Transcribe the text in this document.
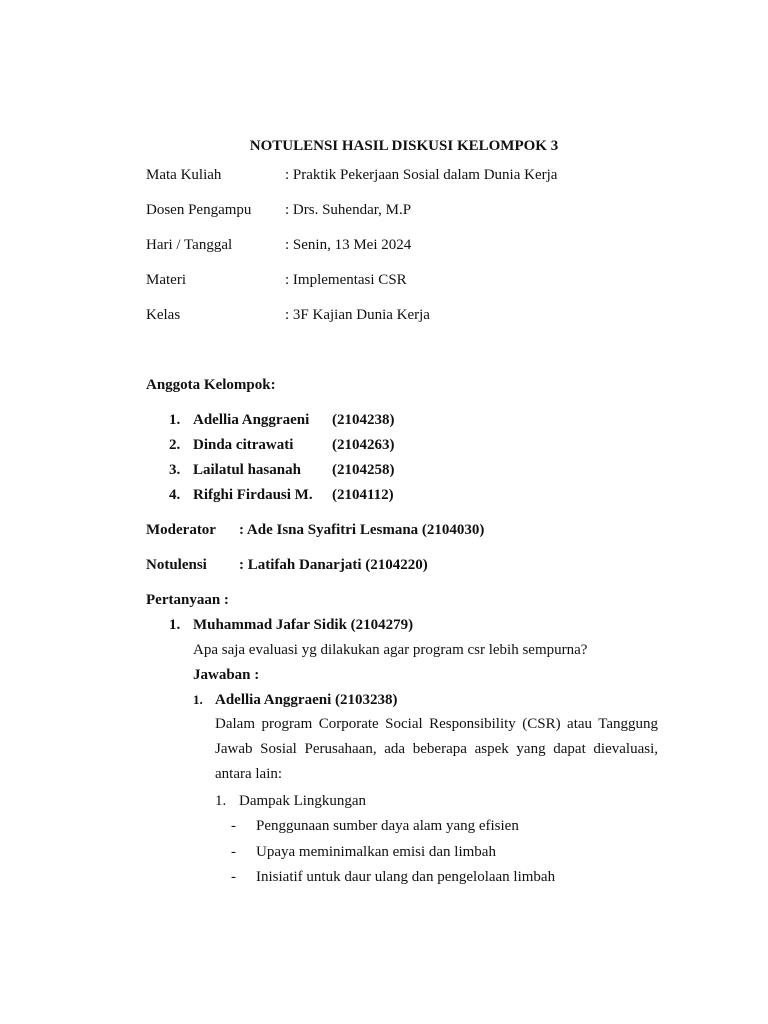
NOTULENSI HASIL DISKUSI KELOMPOK 3
Mata Kuliah	: Praktik Pekerjaan Sosial dalam Dunia Kerja
Dosen Pengampu : Drs. Suhendar, M.P
Hari / Tanggal	: Senin, 13 Mei 2024
Materi	: Implementasi CSR
Kelas	: 3F Kajian Dunia Kerja
Anggota Kelompok:
1. Adellia Anggraeni (2104238)
2. Dinda citrawati	(2104263)
3. Lailatul hasanah (2104258)
4. Rifghi Firdausi M. (2104112)
Moderator : Ade Isna Syafitri Lesmana (2104030)
Notulensi : Latifah Danarjati (2104220)
Pertanyaan :
1. Muhammad Jafar Sidik (2104279)
Apa saja evaluasi yg dilakukan agar program csr lebih sempurna?
Jawaban :
1. Adellia Anggraeni (2103238)
Dalam program Corporate Social Responsibility (CSR) atau Tanggung Jawab Sosial Perusahaan, ada beberapa aspek yang dapat dievaluasi, antara lain:
1. Dampak Lingkungan
- Penggunaan sumber daya alam yang efisien
- Upaya meminimalkan emisi dan limbah
- Inisiatif untuk daur ulang dan pengelolaan limbah
